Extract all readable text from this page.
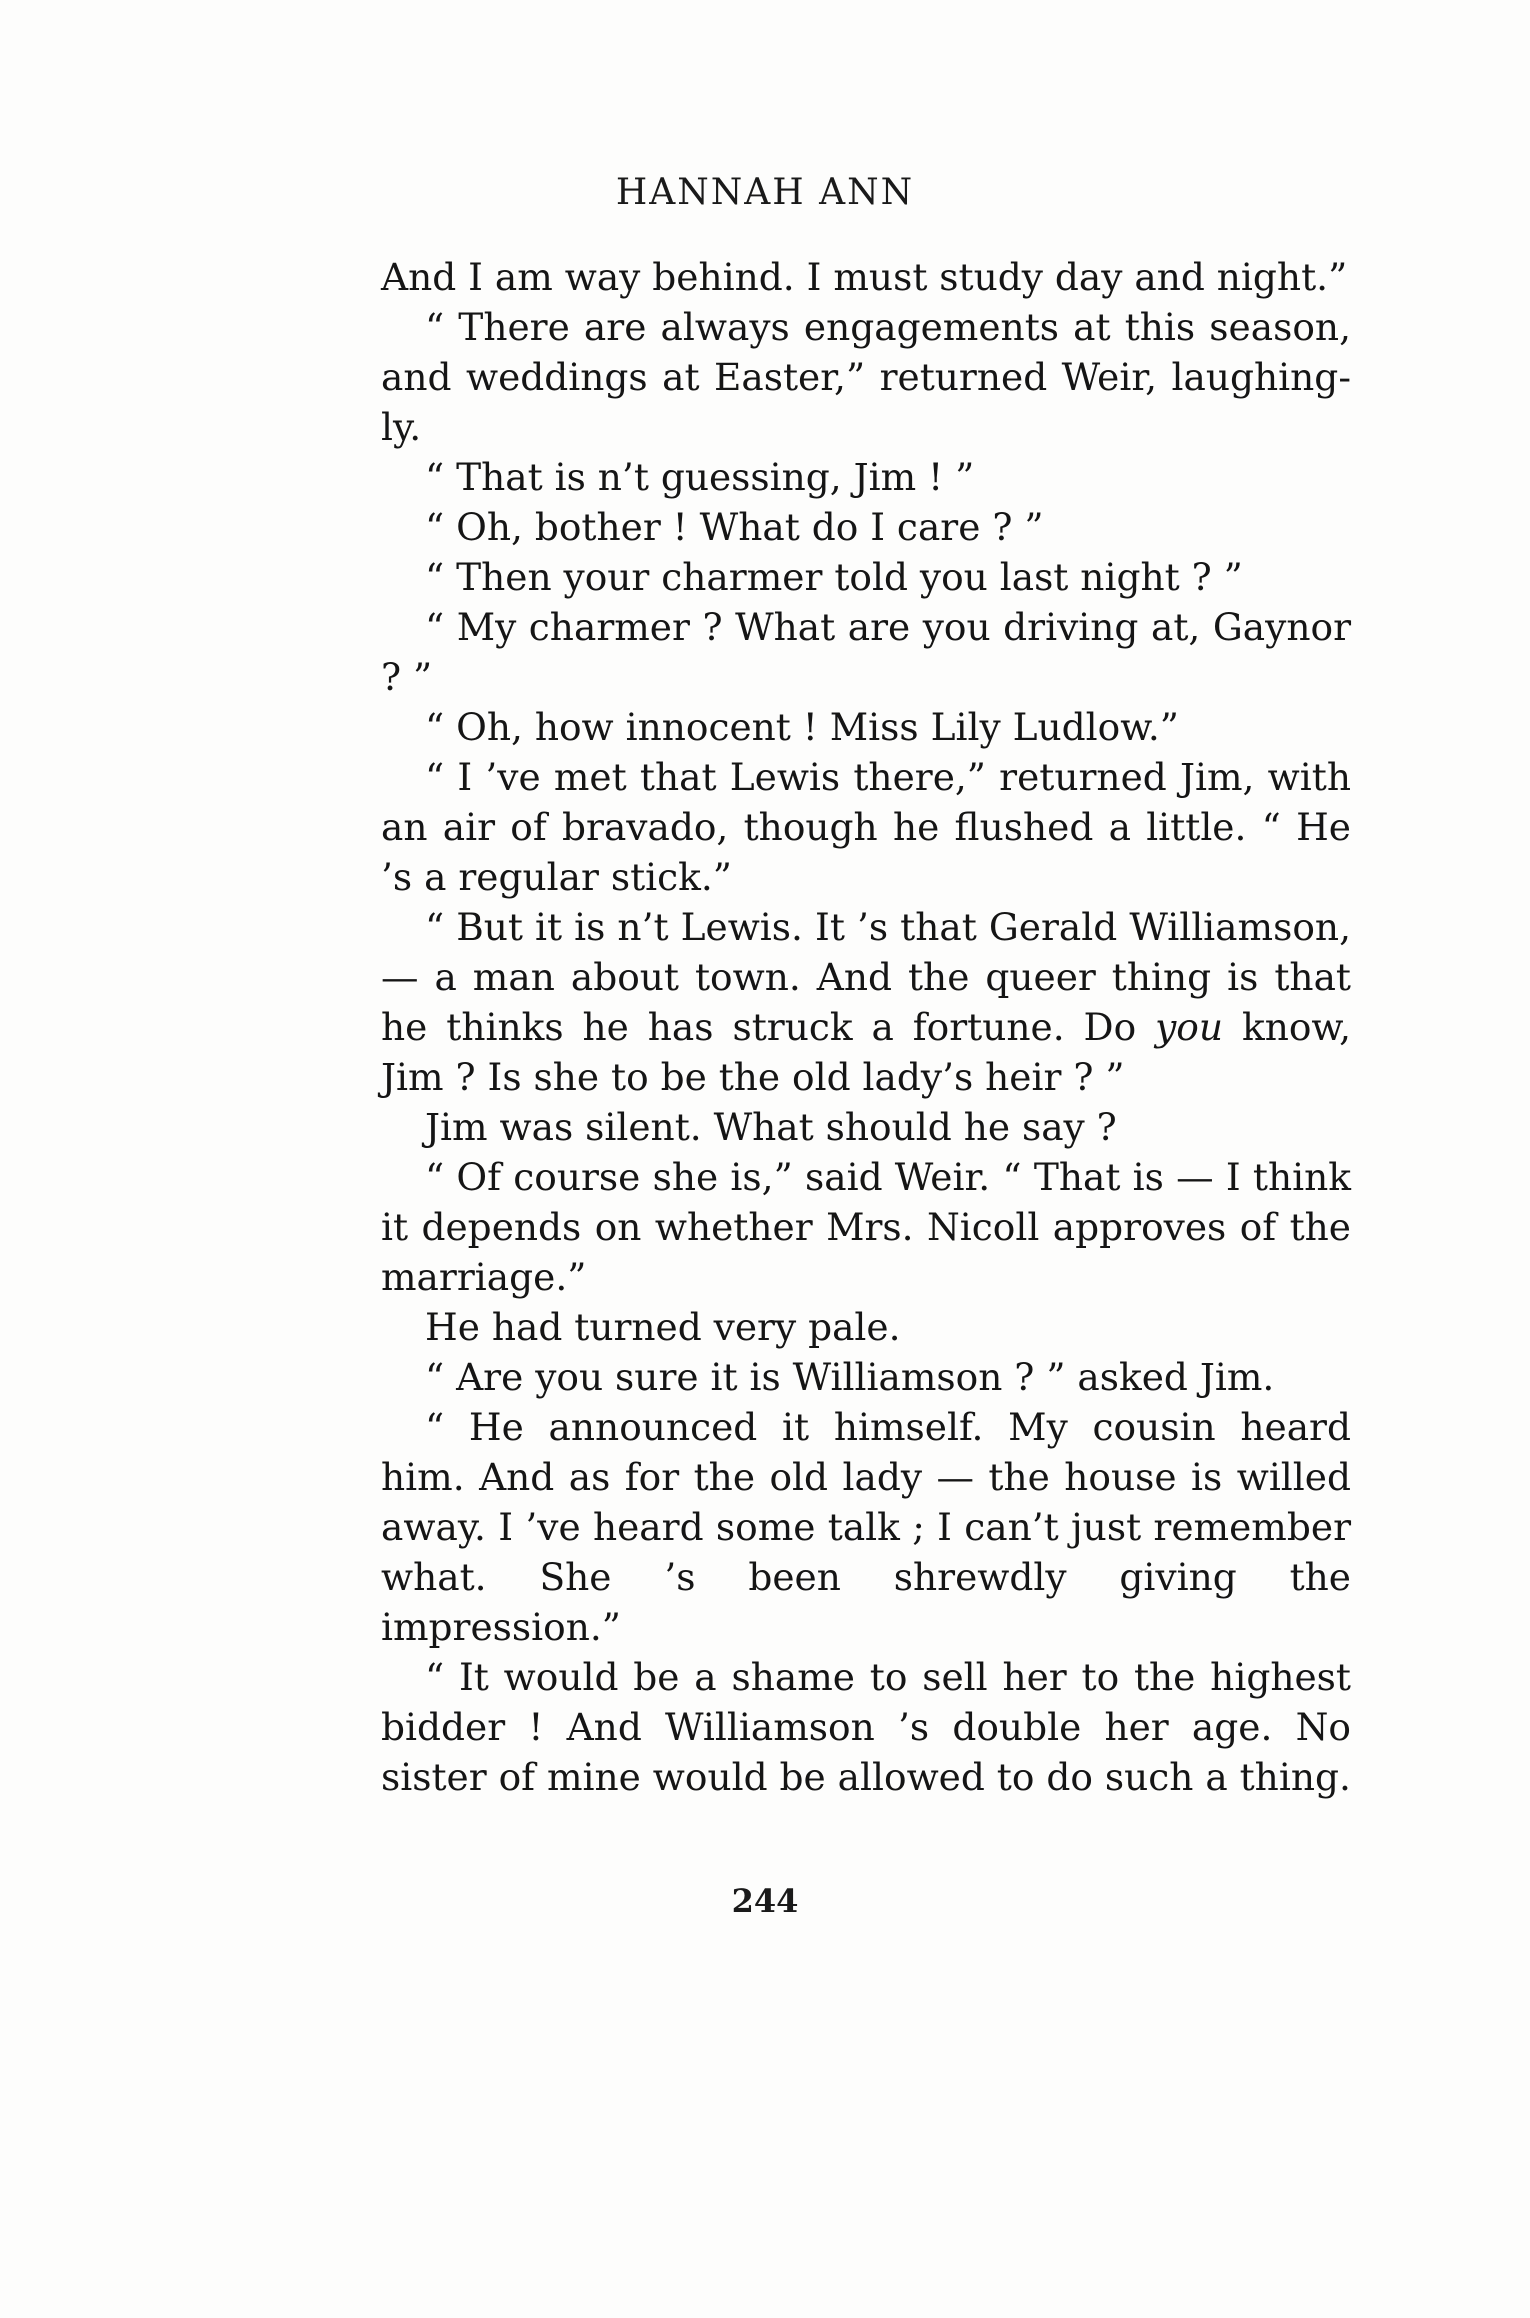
HANNAH ANN

And I am way behind. I must study day and night.”

“ There are always engagements at this season, and weddings at Easter,” returned Weir, laughingly.

“ That is n’t guessing, Jim ! ”

“ Oh, bother ! What do I care ? ”

“ Then your charmer told you last night ? ”

“ My charmer ? What are you driving at, Gaynor ? ”

“ Oh, how innocent ! Miss Lily Ludlow.”

“ I ’ve met that Lewis there,” returned Jim, with an air of bravado, though he flushed a little. “ He ’s a regular stick.”

“ But it is n’t Lewis. It ’s that Gerald Williamson, — a man about town. And the queer thing is that he thinks he has struck a fortune. Do you know, Jim ? Is she to be the old lady’s heir ? ”

Jim was silent. What should he say ?

“ Of course she is,” said Weir. “ That is — I think it depends on whether Mrs. Nicoll approves of the marriage.”

He had turned very pale.

“ Are you sure it is Williamson ? ” asked Jim.

“ He announced it himself. My cousin heard him. And as for the old lady — the house is willed away. I ’ve heard some talk ; I can’t just remember what. She ’s been shrewdly giving the impression.”

“ It would be a shame to sell her to the highest bidder ! And Williamson ’s double her age. No sister of mine would be allowed to do such a thing.

244
